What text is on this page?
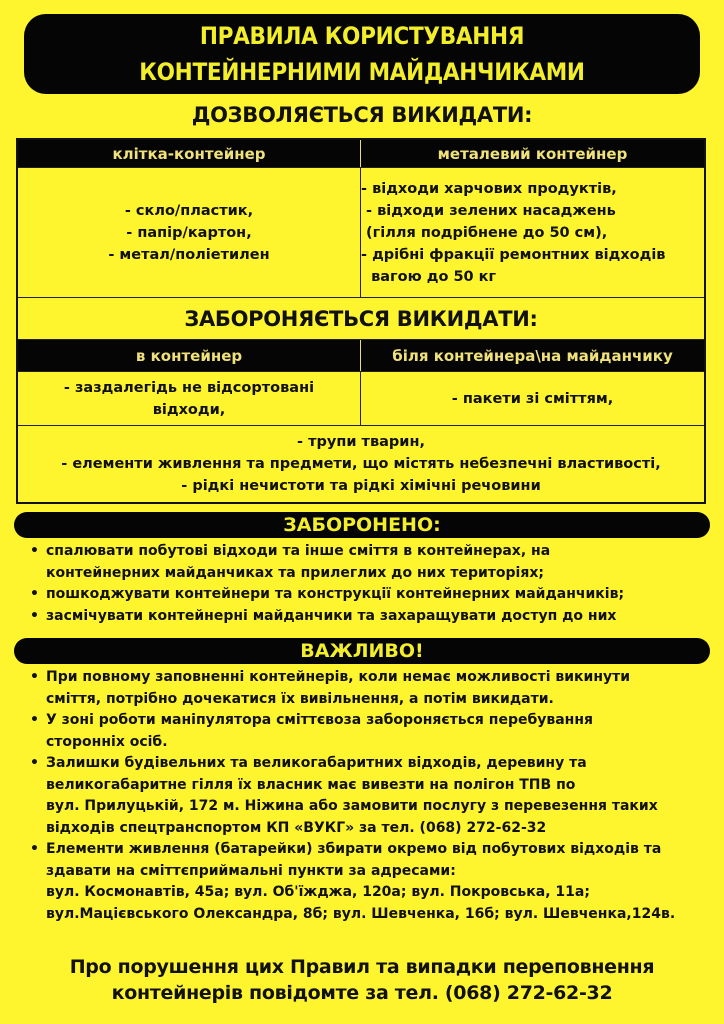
ПРАВИЛА КОРИСТУВАННЯ
КОНТЕЙНЕРНИМИ МАЙДАНЧИКАМИ
ДОЗВОЛЯЄТЬСЯ ВИКИДАТИ:
клітка-контейнер	металевий контейнер
- скло/пластик,
- папір/картон,
- метал/поліетилен
- відходи харчових продуктів,
- відходи зелених насаджень
(гілля подрібнене до 50 см),
- дрібні фракції ремонтних відходів
вагою до 50 кг
ЗАБОРОНЯЄТЬСЯ ВИКИДАТИ:
в контейнер	біля контейнера\на майданчику
- заздалегідь не відсортовані
відходи,
- пакети зі сміттям,
- трупи тварин,
- елементи живлення та предмети, що містять небезпечні властивості,
- рідкі нечистоти та рідкі хімічні речовини
ЗАБОРОНЕНО:
• спалювати побутові відходи та інше сміття в контейнерах, на
контейнерних майданчиках та прилеглих до них територіях;
• пошкоджувати контейнери та конструкції контейнерних майданчиків;
• засмічувати контейнерні майданчики та захаращувати доступ до них
ВАЖЛИВО!
• При повному заповненні контейнерів, коли немає можливості викинути
сміття, потрібно дочекатися їх вивільнення, а потім викидати.
• У зоні роботи маніпулятора сміттєвоза забороняється перебування
сторонніх осіб.
• Залишки будівельних та великогабаритних відходів, деревину та
великогабаритне гілля їх власник має вивезти на полігон ТПВ по
вул. Прилуцькій, 172 м. Ніжина або замовити послугу з перевезення таких
відходів спецтранспортом КП «ВУКГ» за тел. (068) 272-62-32
• Елементи живлення (батарейки) збирати окремо від побутових відходів та
здавати на сміттєприймальні пункти за адресами:
вул. Космонавтів, 45а; вул. Об'їжджа, 120а; вул. Покровська, 11а;
вул.Мацієвського Олександра, 8б; вул. Шевченка, 16б; вул. Шевченка,124в.
Про порушення цих Правил та випадки переповнення
контейнерів повідомте за тел. (068) 272-62-32
